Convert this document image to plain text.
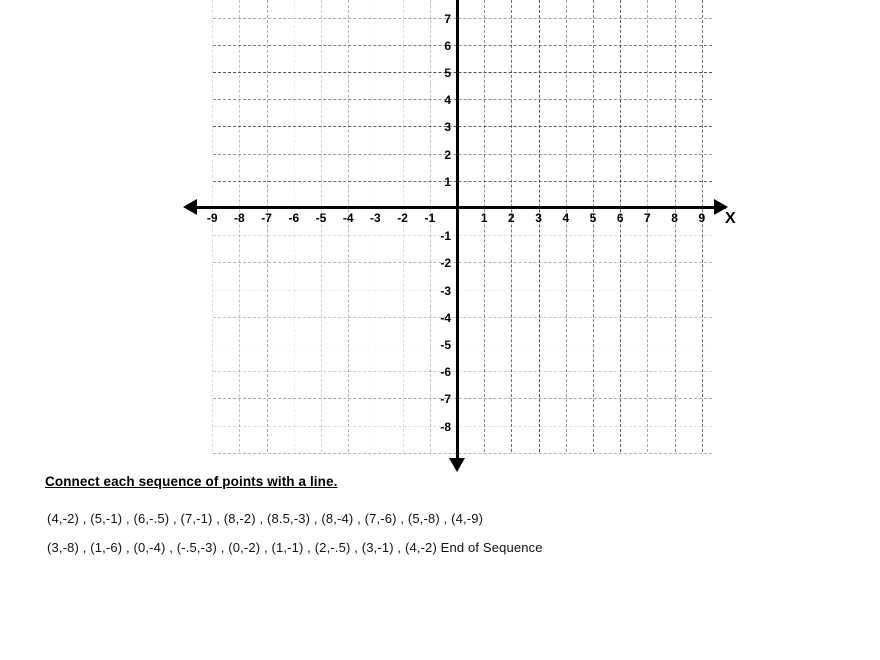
-9	-8	-7	-6	-5	-4	-3	-2	-1	1	2	3	4	5	6	7	8	9
7
6
5
4
3
2
1
-1
-2
-3
-4
-5
-6
-7
-8
X
Connect each sequence of points with a line.
(4,-2) , (5,-1) , (6,-.5) , (7,-1) , (8,-2) , (8.5,-3) , (8,-4) , (7,-6) , (5,-8) , (4,-9)
(3,-8) , (1,-6) , (0,-4) , (-.5,-3) , (0,-2) , (1,-1) , (2,-.5) , (3,-1) , (4,-2) End of Sequence
